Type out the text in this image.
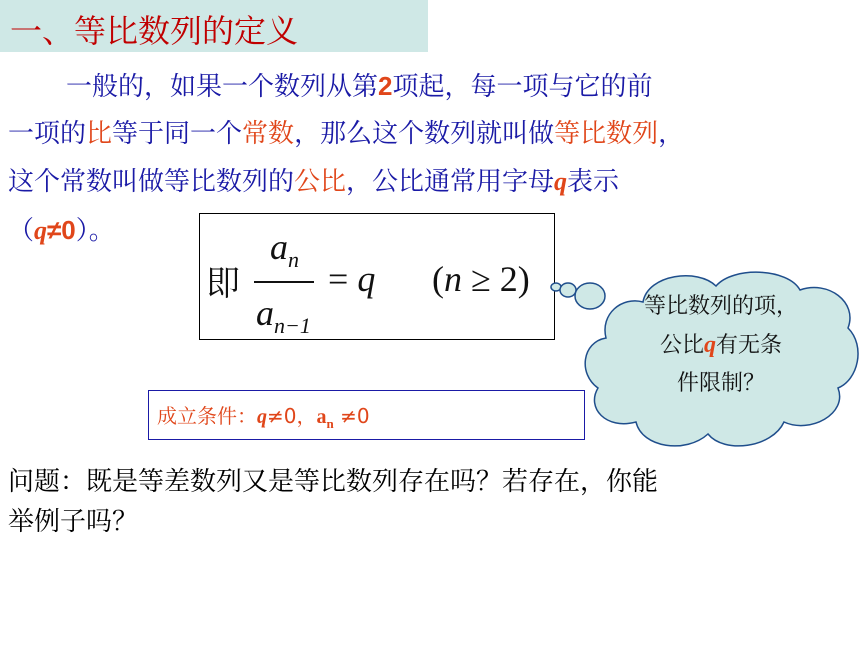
一、等比数列的定义
一般的，如果一个数列从第2项起，每一项与它的前
一项的比等于同一个常数，那么这个数列就叫做等比数列，
这个常数叫做等比数列的公比，公比通常用字母q表示
（q≠0）。
即
$a_n$
$a_{n-1}$
= q (n ≥ 2)
等比数列的项，
公比q有无条
件限制？
成立条件：q≠0，$a_n \ne 0$
问题：既是等差数列又是等比数列存在吗？若存在，你能
举例子吗？
